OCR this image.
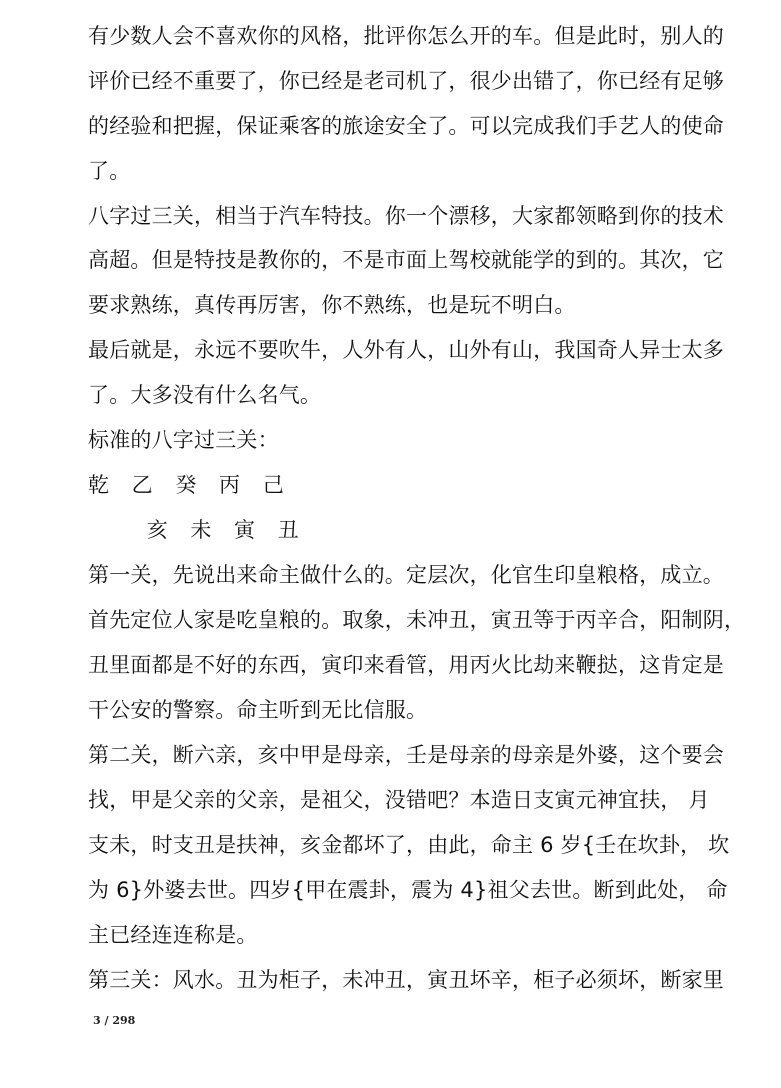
有少数人会不喜欢你的风格，批评你怎么开的车。但是此时，别人的
评价已经不重要了，你已经是老司机了，很少出错了，你已经有足够
的经验和把握，保证乘客的旅途安全了。可以完成我们手艺人的使命
了。
八字过三关，相当于汽车特技。你一个漂移，大家都领略到你的技术
高超。但是特技是教你的，不是市面上驾校就能学的到的。其次，它
要求熟练，真传再厉害，你不熟练，也是玩不明白。
最后就是，永远不要吹牛，人外有人，山外有山，我国奇人异士太多
了。大多没有什么名气。
标准的八字过三关：
乾 乙 癸 丙 己
亥 未 寅 丑
第一关，先说出来命主做什么的。定层次，化官生印皇粮格，成立。
首先定位人家是吃皇粮的。取象，未冲丑，寅丑等于丙辛合，阳制阴，
丑里面都是不好的东西，寅印来看管，用丙火比劫来鞭挞，这肯定是
干公安的警察。命主听到无比信服。
第二关，断六亲，亥中甲是母亲，壬是母亲的母亲是外婆，这个要会
找，甲是父亲的父亲，是祖父，没错吧？本造日支寅元神宜扶， 月
支未，时支丑是扶神，亥金都坏了，由此，命主 6 岁{壬在坎卦， 坎
为 6}外婆去世。四岁{甲在震卦，震为 4}祖父去世。断到此处， 命
主已经连连称是。
第三关：风水。丑为柜子，未冲丑，寅丑坏辛，柜子必须坏，断家里
3 / 298
